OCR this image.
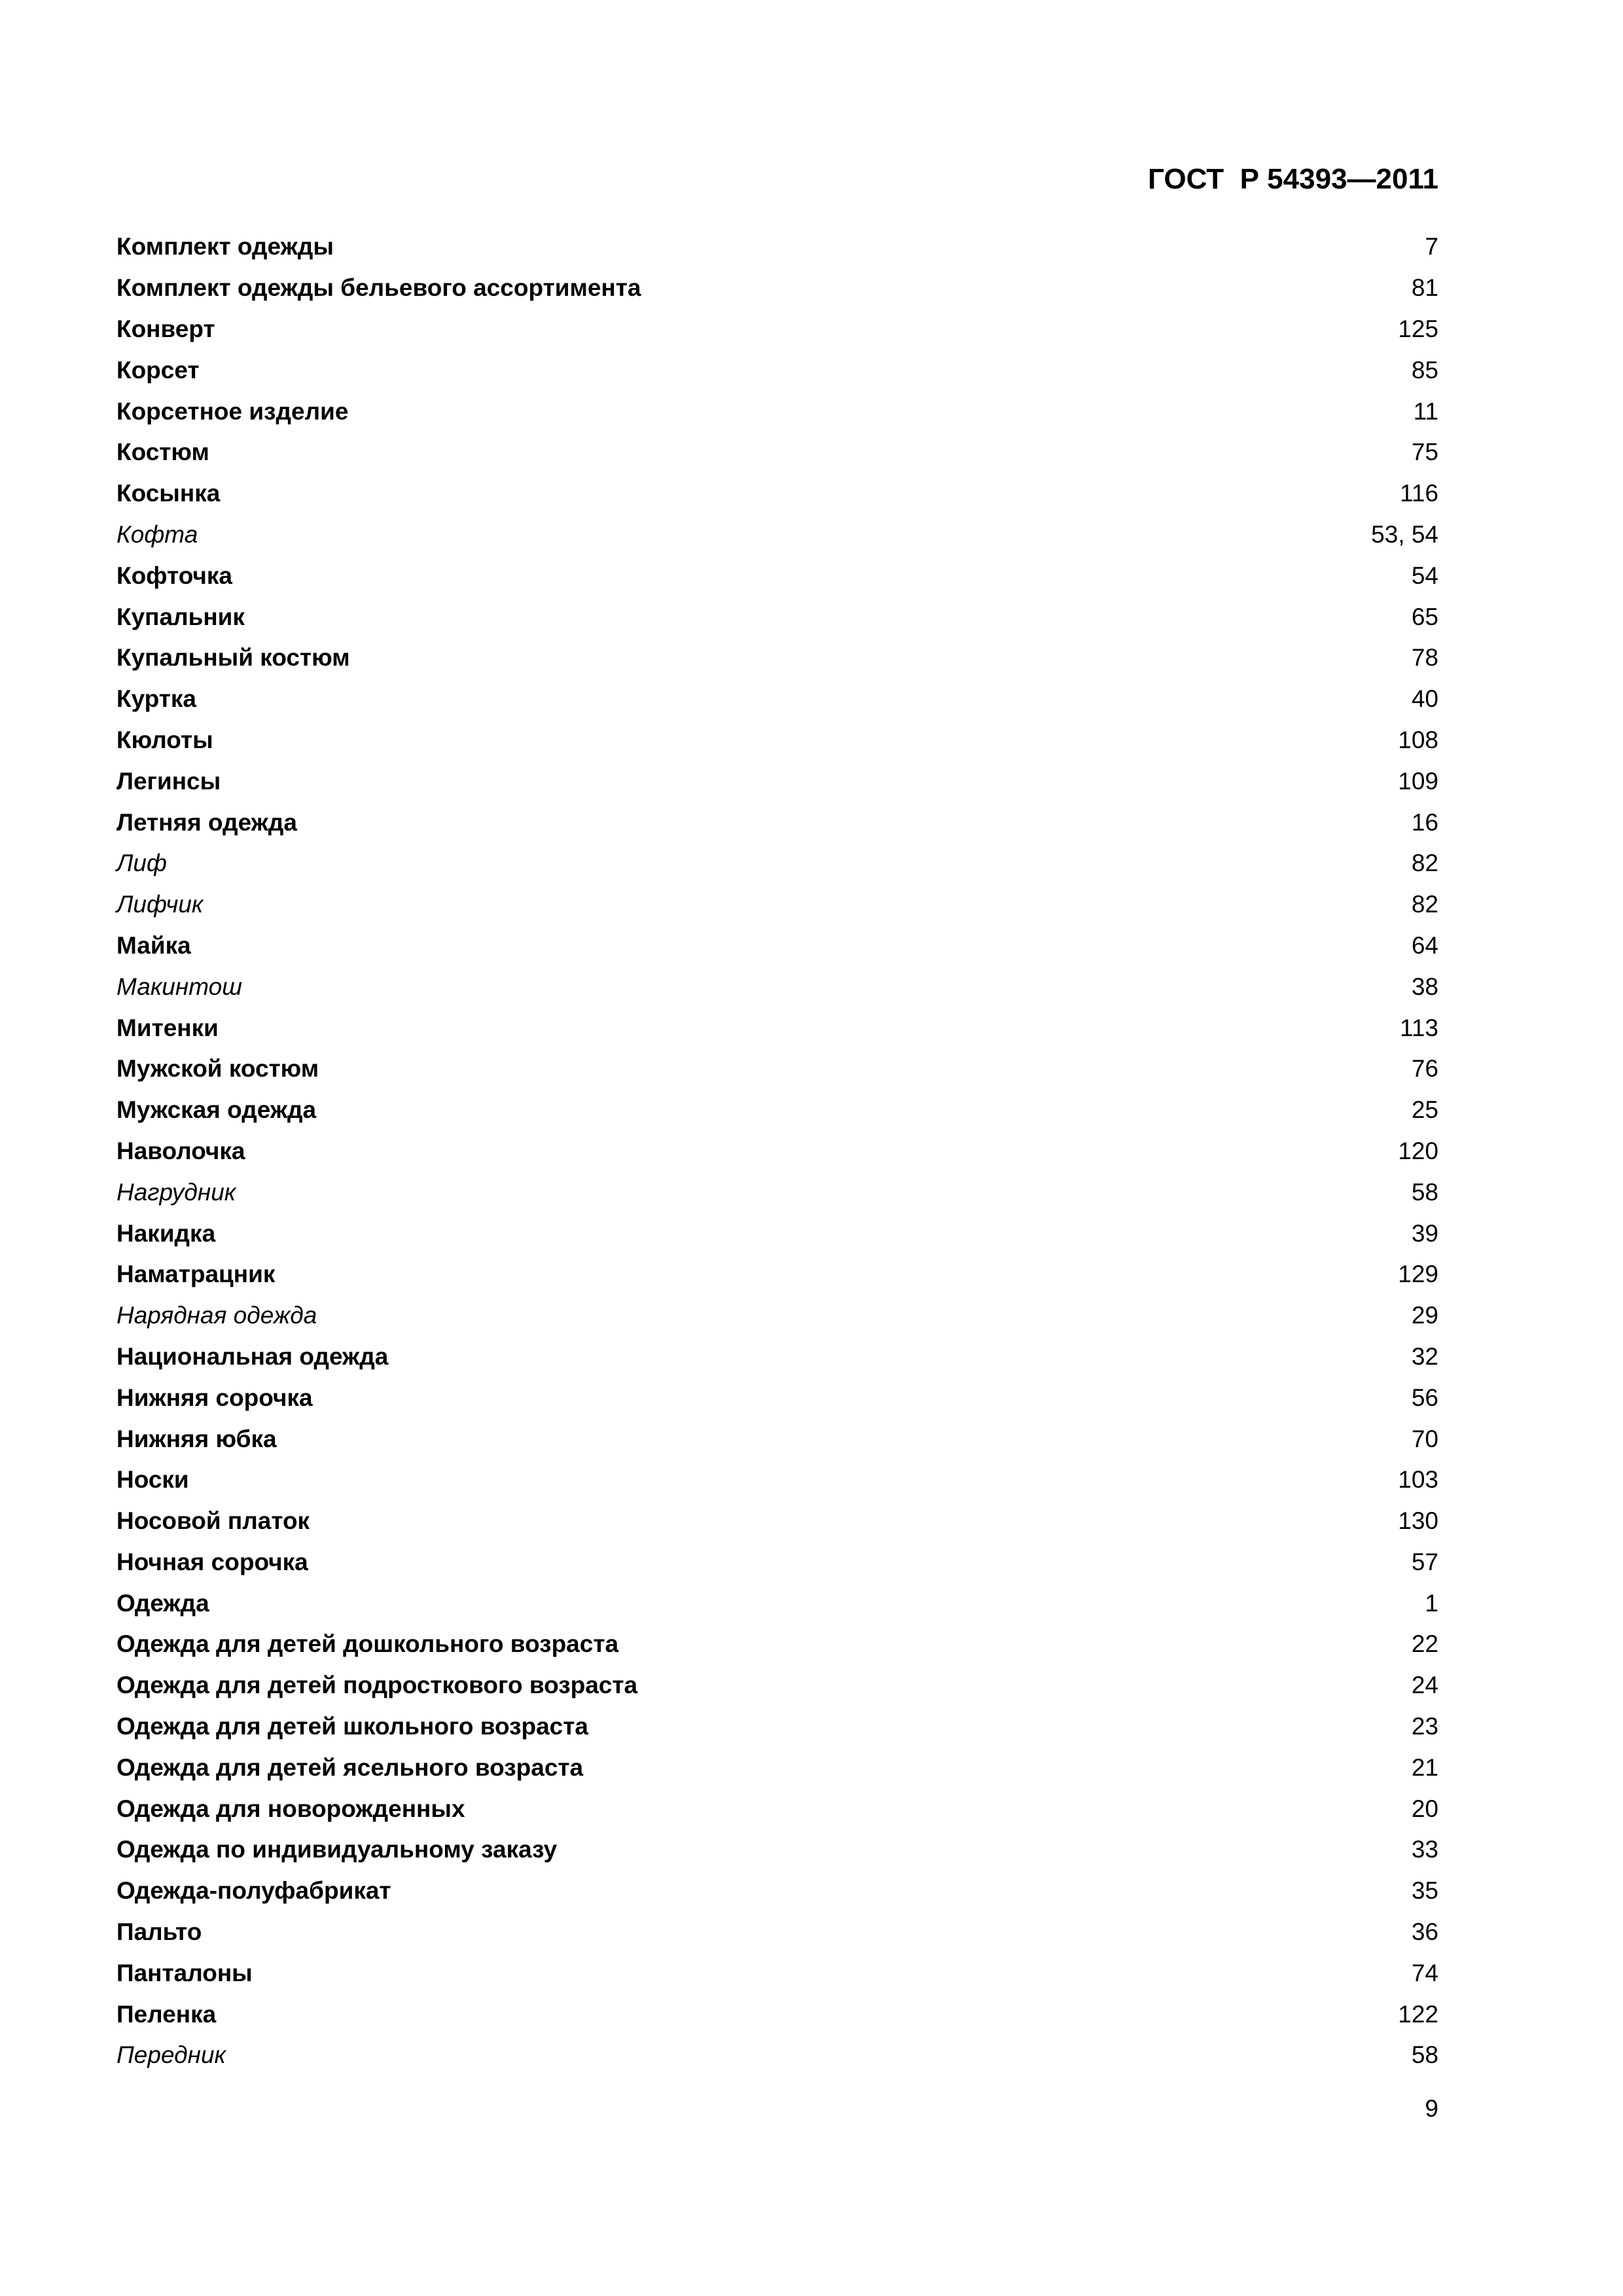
ГОСТ  Р 54393—2011
Комплект одежды	7
Комплект одежды бельевого ассортимента	81
Конверт	125
Корсет	85
Корсетное изделие	11
Костюм	75
Косынка	116
Кофта	53, 54
Кофточка	54
Купальник	65
Купальный костюм	78
Куртка	40
Кюлоты	108
Легинсы	109
Летняя одежда	16
Лиф	82
Лифчик	82
Майка	64
Макинтош	38
Митенки	113
Мужской костюм	76
Мужская одежда	25
Наволочка	120
Нагрудник	58
Накидка	39
Наматрацник	129
Нарядная одежда	29
Национальная одежда	32
Нижняя сорочка	56
Нижняя юбка	70
Носки	103
Носовой платок	130
Ночная сорочка	57
Одежда	1
Одежда для детей дошкольного возраста	22
Одежда для детей подросткового возраста	24
Одежда для детей школьного возраста	23
Одежда для детей ясельного возраста	21
Одежда для новорожденных	20
Одежда по индивидуальному заказу	33
Одежда-полуфабрикат	35
Пальто	36
Панталоны	74
Пеленка	122
Передник	58
9
